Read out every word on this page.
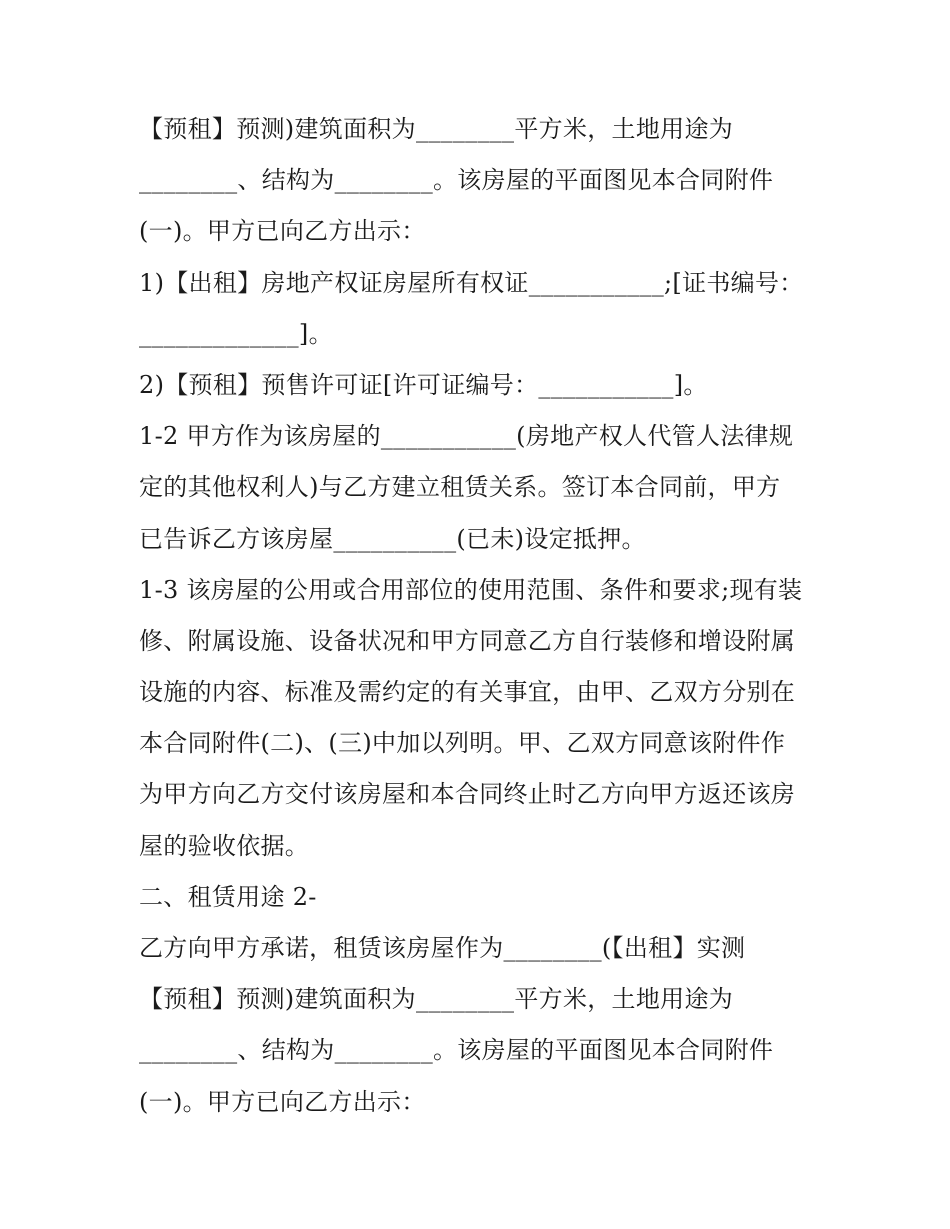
【预租】预测)建筑面积为________平方米，土地用途为
________、结构为________。该房屋的平面图见本合同附件
(一)。甲方已向乙方出示：
1)【出租】房地产权证房屋所有权证___________;[证书编号：
_____________]。
2)【预租】预售许可证[许可证编号：___________]。
1-2 甲方作为该房屋的___________(房地产权人代管人法律规
定的其他权利人)与乙方建立租赁关系。签订本合同前，甲方
已告诉乙方该房屋__________(已未)设定抵押。
1-3 该房屋的公用或合用部位的使用范围、条件和要求;现有装
修、附属设施、设备状况和甲方同意乙方自行装修和增设附属
设施的内容、标准及需约定的有关事宜，由甲、乙双方分别在
本合同附件(二)、(三)中加以列明。甲、乙双方同意该附件作
为甲方向乙方交付该房屋和本合同终止时乙方向甲方返还该房
屋的验收依据。
二、租赁用途 2-
乙方向甲方承诺，租赁该房屋作为________(【出租】实测
【预租】预测)建筑面积为________平方米，土地用途为
________、结构为________。该房屋的平面图见本合同附件
(一)。甲方已向乙方出示：
